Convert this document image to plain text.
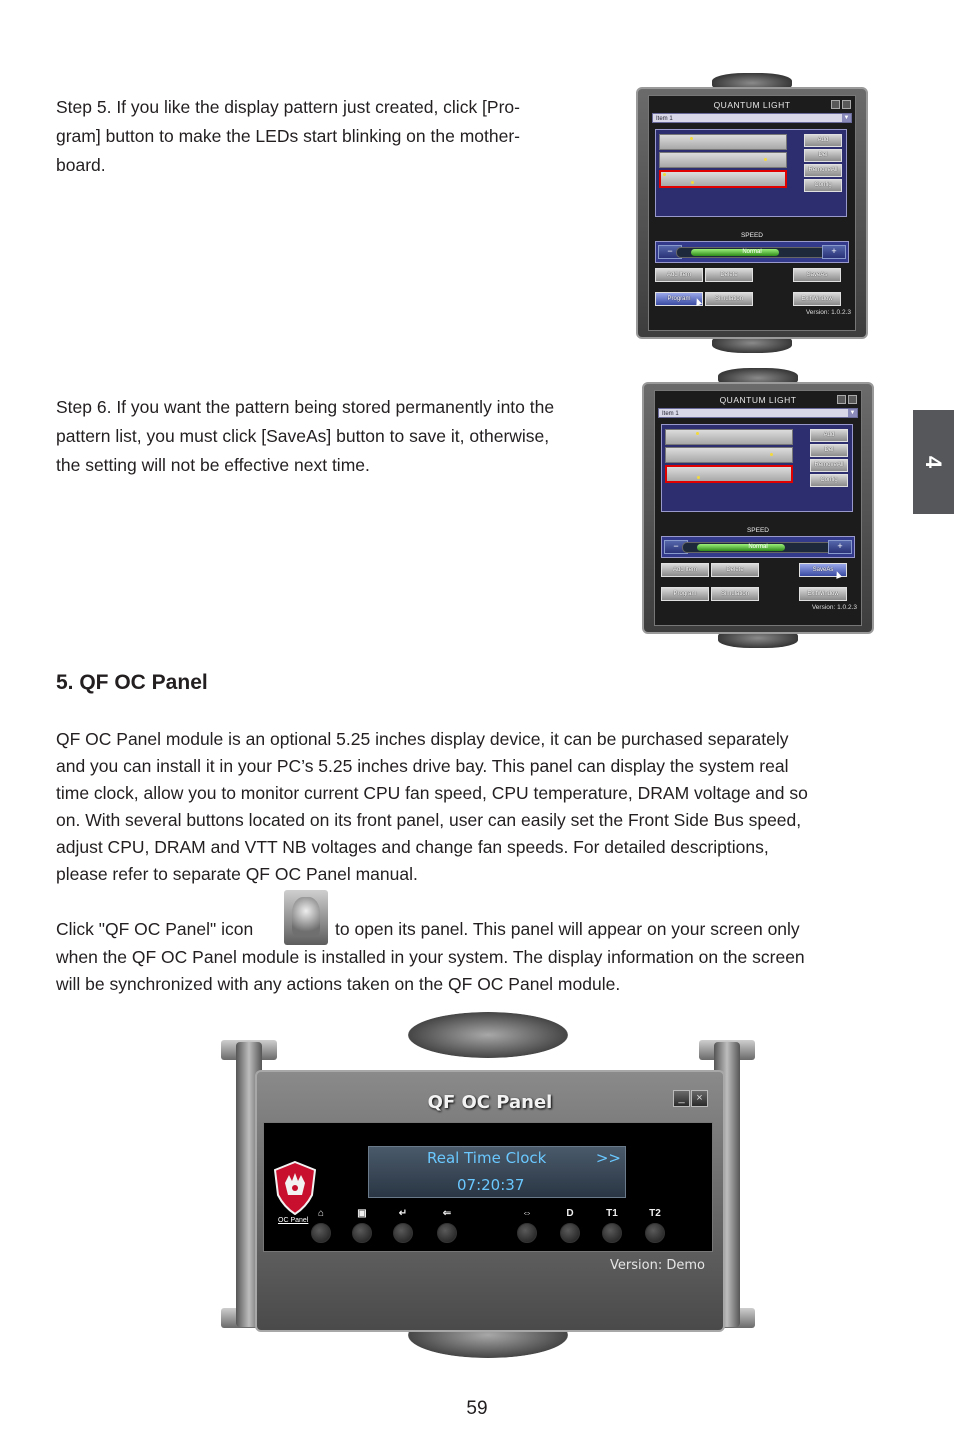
4
Step 5. If you like the display pattern just created, click [Pro-
gram] button to make the LEDs start blinking on the mother-
board.
QUANTUM LIGHT
Item 1	▼
Add
Del
RemoveAll
Config
SPEED
−	Normal	+
Add Item	Delete	SaveAs
Program	Simulation	ExitWindow
Version: 1.0.2.3
Step 6. If you want the pattern being stored permanently into the
pattern list, you must click [SaveAs] button to save it, otherwise,
the setting will not be effective next time.
QUANTUM LIGHT
Item 1	▼
Add
Del
RemoveAll
Config
SPEED
−	Normal	+
Add Item	Delete	SaveAs
Program	Simulation	ExitWindow
Version: 1.0.2.3
5. QF OC Panel
QF OC Panel module is an optional 5.25 inches display device, it can be purchased separately
and you can install it in your PC’s 5.25 inches drive bay. This panel can display the system real
time clock, allow you to monitor current CPU fan speed, CPU temperature, DRAM voltage and so
on. With several buttons located on its front panel, user can easily set the Front Side Bus speed,
adjust CPU, DRAM and VTT NB voltages and change fan speeds. For detailed descriptions,
please refer to separate QF OC Panel manual.
Click "QF OC Panel" icon	to open its panel. This panel will appear on your screen only
when the QF OC Panel module is installed in your system. The display information on the screen
will be synchronized with any actions taken on the QF OC Panel module.
QF OC Panel	_	×
OC Panel
Real Time Clock	>>
07:20:37
⌂	▣	↵	⇐	⇔	D	T1	T2
Version: Demo
59
